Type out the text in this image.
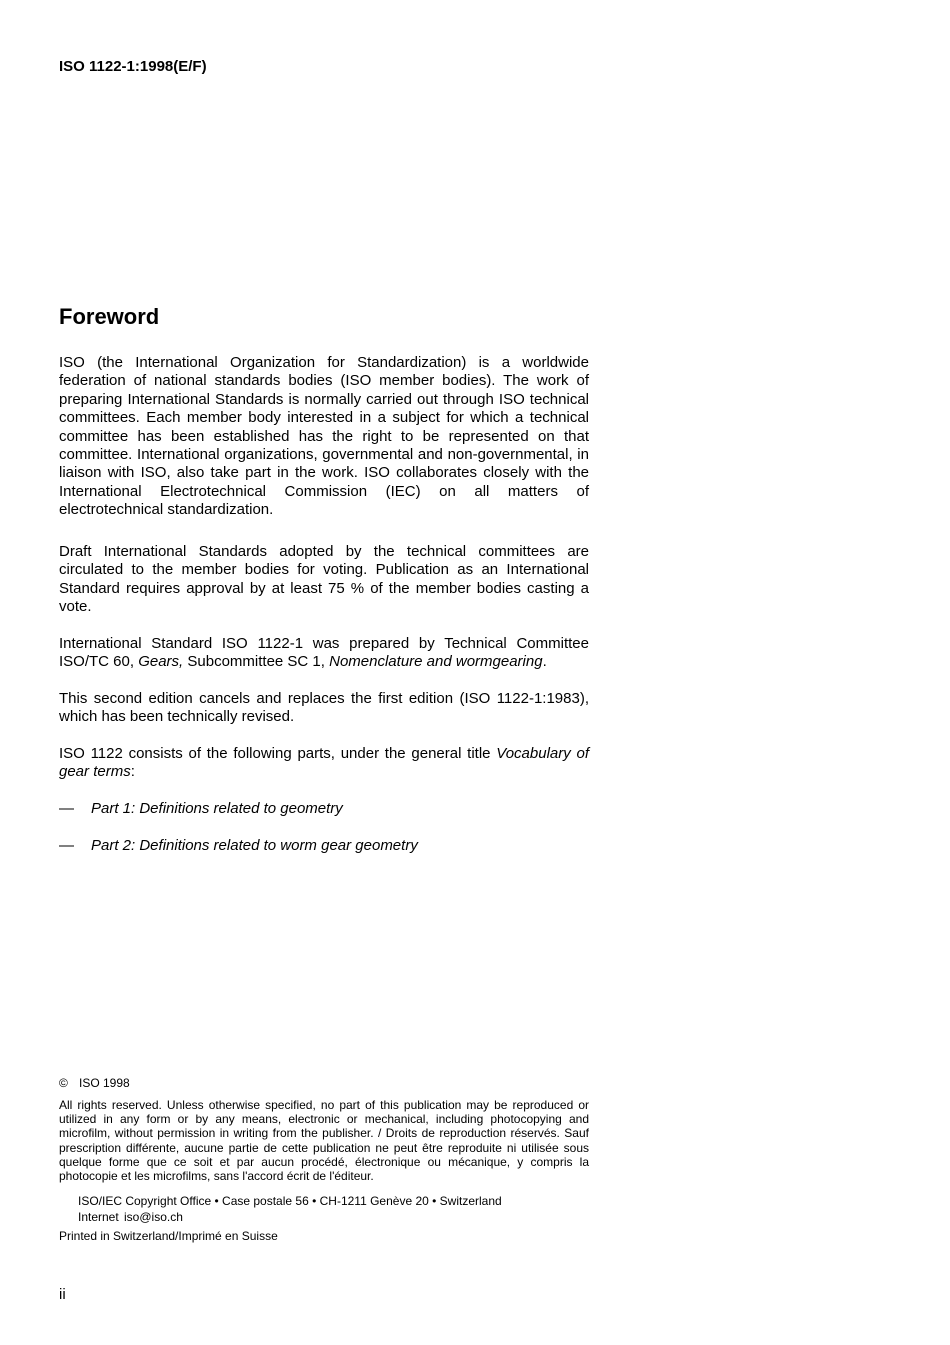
ISO 1122-1:1998(E/F)
Foreword

ISO (the International Organization for Standardization) is a worldwide federation of national standards bodies (ISO member bodies). The work of preparing International Standards is normally carried out through ISO technical committees. Each member body interested in a subject for which a technical committee has been established has the right to be represented on that committee. International organizations, governmental and non-governmental, in liaison with ISO, also take part in the work. ISO collaborates closely with the International Electrotechnical Commission (IEC) on all matters of electrotechnical standardization.

Draft International Standards adopted by the technical committees are circulated to the member bodies for voting. Publication as an International Standard requires approval by at least 75 % of the member bodies casting a vote.

International Standard ISO 1122-1 was prepared by Technical Committee ISO/TC 60, Gears, Subcommittee SC 1, Nomenclature and wormgearing.

This second edition cancels and replaces the first edition (ISO 1122-1:1983), which has been technically revised.

ISO 1122 consists of the following parts, under the general title Vocabulary of gear terms:

— Part 1: Definitions related to geometry
— Part 2: Definitions related to worm gear geometry
© ISO 1998
All rights reserved. Unless otherwise specified, no part of this publication may be reproduced or utilized in any form or by any means, electronic or mechanical, including photocopying and microfilm, without permission in writing from the publisher. / Droits de reproduction réservés. Sauf prescription différente, aucune partie de cette publication ne peut être reproduite ni utilisée sous quelque forme que ce soit et par aucun procédé, électronique ou mécanique, y compris la photocopie et les microfilms, sans l'accord écrit de l'éditeur.
ISO/IEC Copyright Office • Case postale 56 • CH-1211 Genève 20 • Switzerland
Internet iso@iso.ch
Printed in Switzerland/Imprimé en Suisse
ii
